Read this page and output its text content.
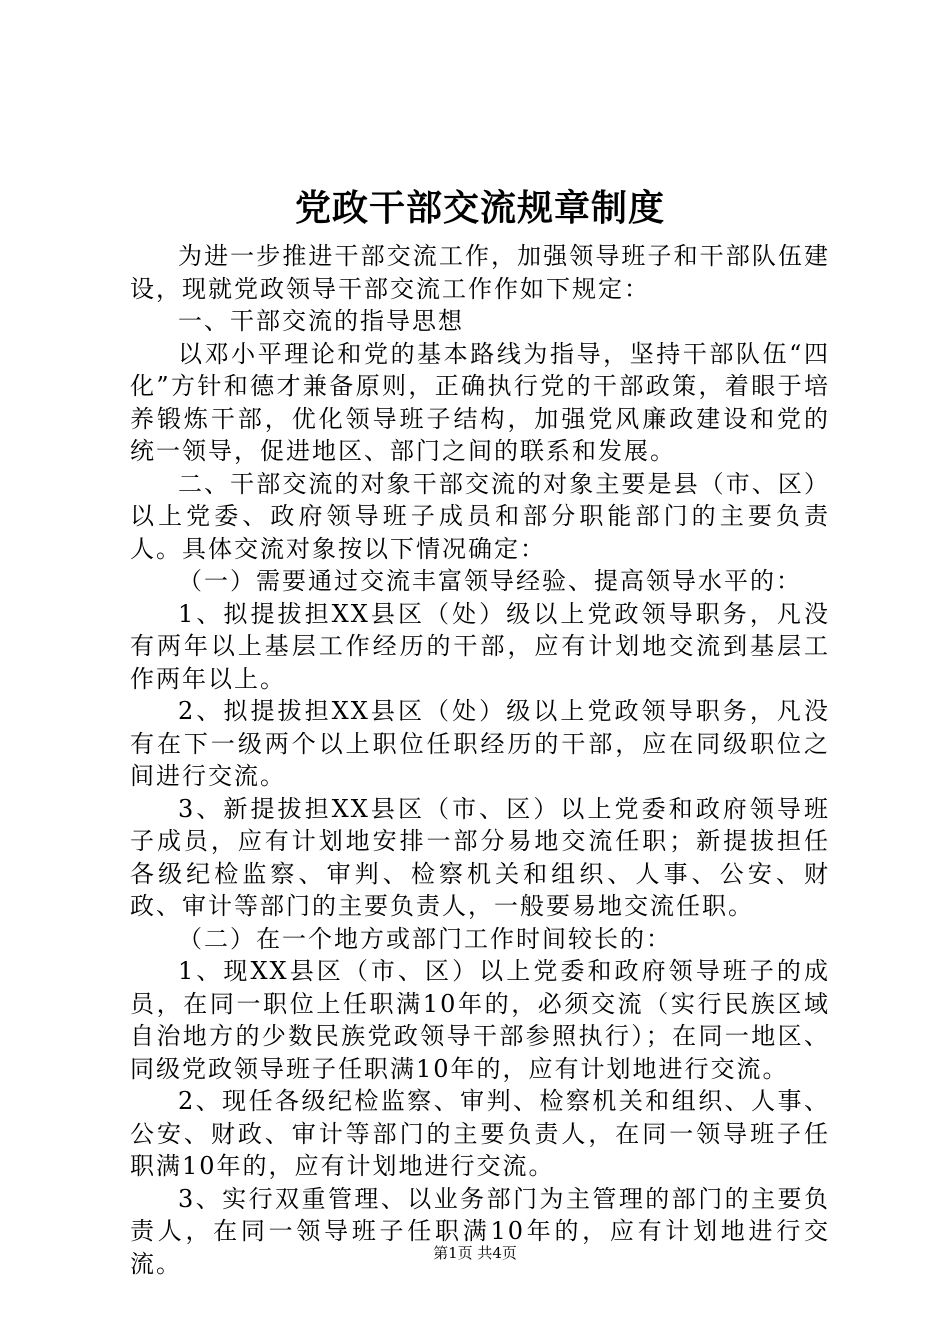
党政干部交流规章制度

为进一步推进干部交流工作，加强领导班子和干部队伍建设，现就党政领导干部交流工作作如下规定：

一、干部交流的指导思想

以邓小平理论和党的基本路线为指导，坚持干部队伍“四化”方针和德才兼备原则，正确执行党的干部政策，着眼于培养锻炼干部，优化领导班子结构，加强党风廉政建设和党的统一领导，促进地区、部门之间的联系和发展。

二、干部交流的对象干部交流的对象主要是县（市、区）以上党委、政府领导班子成员和部分职能部门的主要负责人。具体交流对象按以下情况确定：

（一）需要通过交流丰富领导经验、提高领导水平的：

1、拟提拔担XX县区（处）级以上党政领导职务，凡没有两年以上基层工作经历的干部，应有计划地交流到基层工作两年以上。

2、拟提拔担XX县区（处）级以上党政领导职务，凡没有在下一级两个以上职位任职经历的干部，应在同级职位之间进行交流。

3、新提拔担XX县区（市、区）以上党委和政府领导班子成员，应有计划地安排一部分易地交流任职；新提拔担任各级纪检监察、审判、检察机关和组织、人事、公安、财政、审计等部门的主要负责人，一般要易地交流任职。

（二）在一个地方或部门工作时间较长的：

1、现XX县区（市、区）以上党委和政府领导班子的成员，在同一职位上任职满10年的，必须交流（实行民族区域自治地方的少数民族党政领导干部参照执行）；在同一地区、同级党政领导班子任职满10年的，应有计划地进行交流。

2、现任各级纪检监察、审判、检察机关和组织、人事、公安、财政、审计等部门的主要负责人，在同一领导班子任职满10年的，应有计划地进行交流。

3、实行双重管理、以业务部门为主管理的部门的主要负责人，在同一领导班子任职满10年的，应有计划地进行交流。	第1页 共4页
